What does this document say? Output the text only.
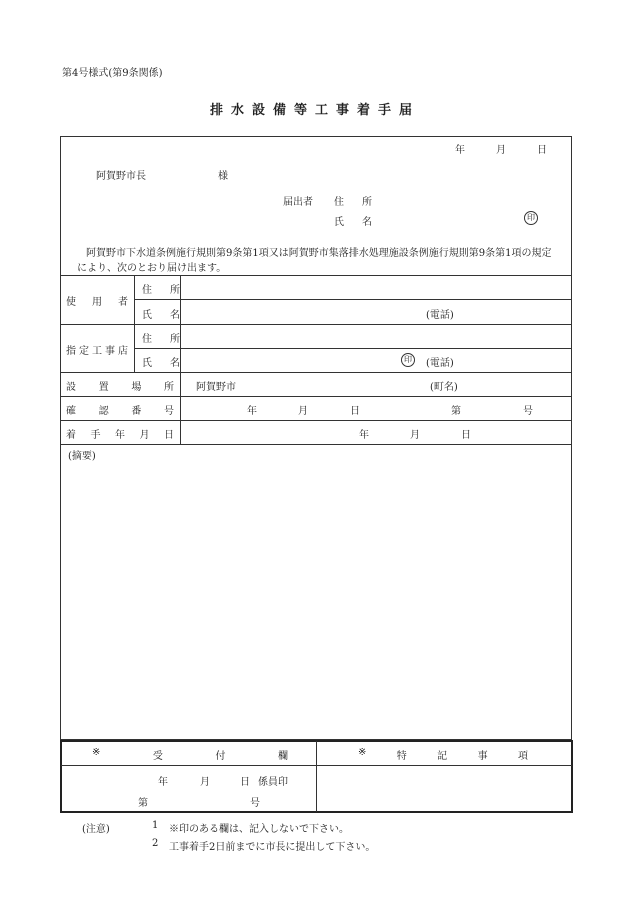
第4号様式(第9条関係)
排水設備等工事着手届
年	月	日
阿賀野市長	様
届出者 住　所
氏　名	印
阿賀野市下水道条例施行規則第9条第1項又は阿賀野市集落排水処理施設条例施行規則第9条第1項の規定
により、次のとおり届け出ます。
使 用 者
住　所
氏　名	(電話)
指 定 工 事 店
住　所
氏　名	印	(電話)
設 置 場 所 阿賀野市	(町名)
確 認 番 号	年	月	日	第	号
着 手 年 月 日	年	月	日
(摘要)
※	受	付	欄	※	特	記	事	項
年	月	日 係員印
第	号
(注意)	1 ※印のある欄は、記入しないで下さい。
2 工事着手2日前までに市長に提出して下さい。
